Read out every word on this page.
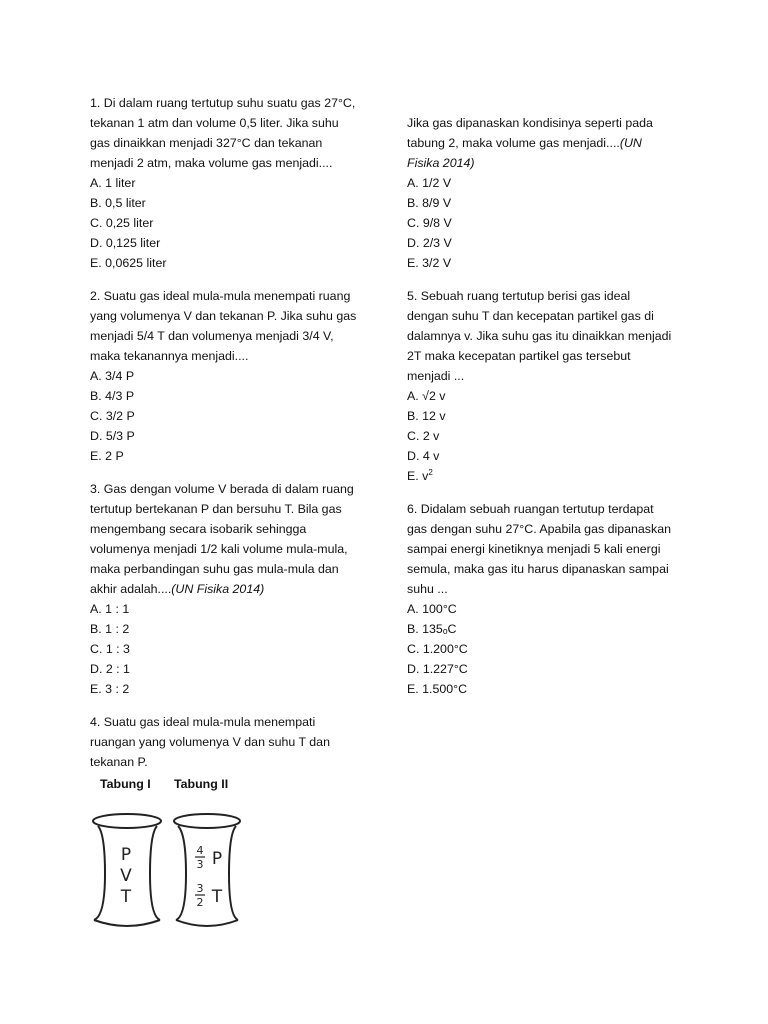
1. Di dalam ruang tertutup suhu suatu gas 27°C,
tekanan 1 atm dan volume 0,5 liter. Jika suhu
gas dinaikkan menjadi 327°C dan tekanan
menjadi 2 atm, maka volume gas menjadi....
A. 1 liter
B. 0,5 liter
C. 0,25 liter
D. 0,125 liter
E. 0,0625 liter
2. Suatu gas ideal mula-mula menempati ruang
yang volumenya V dan tekanan P. Jika suhu gas
menjadi 5/4 T dan volumenya menjadi 3/4 V,
maka tekanannya menjadi....
A. 3/4 P
B. 4/3 P
C. 3/2 P
D. 5/3 P
E. 2 P
3. Gas dengan volume V berada di dalam ruang
tertutup bertekanan P dan bersuhu T. Bila gas
mengembang secara isobarik sehingga
volumenya menjadi 1/2 kali volume mula-mula,
maka perbandingan suhu gas mula-mula dan
akhir adalah....(UN Fisika 2014)
A. 1 : 1
B. 1 : 2
C. 1 : 3
D. 2 : 1
E. 3 : 2
4. Suatu gas ideal mula-mula menempati
ruangan yang volumenya V dan suhu T dan
tekanan P.
Tabung I Tabung II
P
V
T
4
3 P
3
2 T
Jika gas dipanaskan kondisinya seperti pada
tabung 2, maka volume gas menjadi....(UN
Fisika 2014)
A. 1/2 V
B. 8/9 V
C. 9/8 V
D. 2/3 V
E. 3/2 V
5. Sebuah ruang tertutup berisi gas ideal
dengan suhu T dan kecepatan partikel gas di
dalamnya v. Jika suhu gas itu dinaikkan menjadi
2T maka kecepatan partikel gas tersebut
menjadi ...
A. √2 v
B. 12 v
C. 2 v
D. 4 v
E. $v^2$
6. Didalam sebuah ruangan tertutup terdapat
gas dengan suhu 27°C. Apabila gas dipanaskan
sampai energi kinetiknya menjadi 5 kali energi
semula, maka gas itu harus dipanaskan sampai
suhu ...
A. 100°C
B. 135ₒC
C. 1.200°C
D. 1.227°C
E. 1.500°C
